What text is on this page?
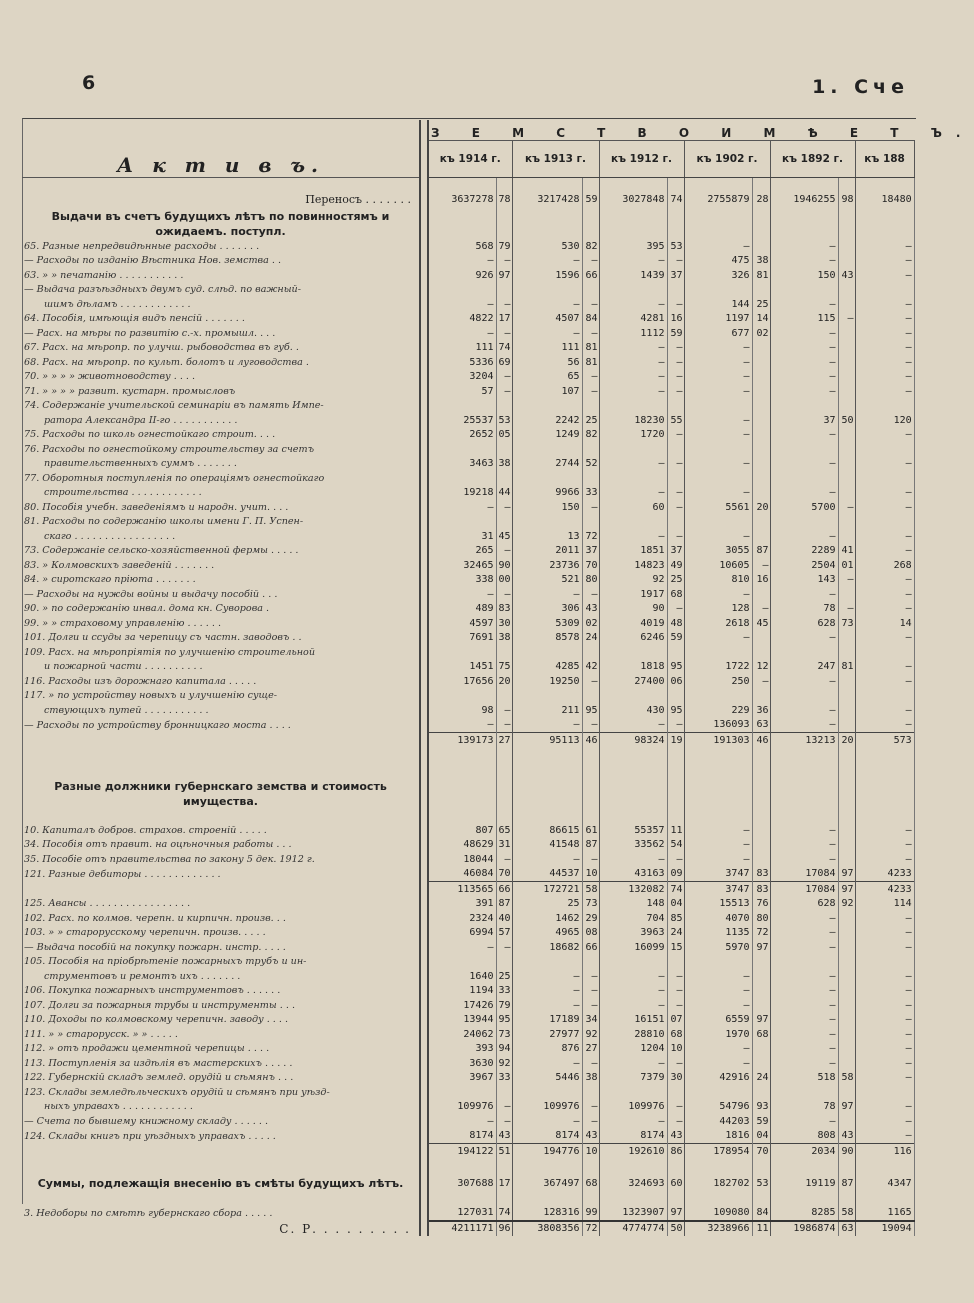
6	1. Сче
А к т и в ъ.		З Е М С Т В О И М Ѣ Е Т Ъ.										
		къ 1914 г.		къ 1913 г.		къ 1912 г.		къ 1902 г.		къ 1892 г.		къ 188

Переносъ . . . . . . .		3637278	78	3217428	59	3027848	74	2755879	28	1946255	98	18480
Выдачи въ счетъ будущихъ лѣтъ по повинностямъ и ожидаемъ. поступл.												
65. Разные непредвидѣнные расходы . . . . . . .		568	79	530	82	395	53	—		—		—
— Расходы по изданію Вѣстника Нов. земства . .		—	—	—	—	—	—	475	38	—		—
63. » » печатанію . . . . . . . . . . .		926	97	1596	66	1439	37	326	81	150	43	—
— Выдача разъѣздныхъ двумъ суд. слѣд. по важный-												
шимъ дѣламъ . . . . . . . . . . . .		—	—	—	—	—	—	144	25	—		—
64. Пособія, имѣющія видъ пенсій . . . . . . .		4822	17	4507	84	4281	16	1197	14	115	—	—
— Расх. на мѣры по развитію с.-х. промышл. . . .		—	—	—	—	1112	59	677	02	—		—
67. Расх. на мѣропр. по улучш. рыбоводства въ губ. .		111	74	111	81	—	—	—		—		—
68. Расх. на мѣропр. по культ. болотъ и луговодства .		5336	69	56	81	—	—	—		—		—
70. » » » » животноводству . . . .		3204	—	65	—	—	—	—		—		—
71. » » » » развит. кустарн. промысловъ		57	—	107	—	—	—	—		—		—
74. Содержаніе учительской семинаріи въ память Импе-												
ратора Александра II-го . . . . . . . . . . .		25537	53	2242	25	18230	55	—		37	50	120
75. Расходы по школь огнестойкаго строит. . . .		2652	05	1249	82	1720	—	—		—		—
76. Расходы по огнестойкому строительству за счетъ												
правительственныхъ суммъ . . . . . . .		3463	38	2744	52	—	—	—		—		—
77. Оборотныя поступленія по операціямъ огнестойкаго												
строительства . . . . . . . . . . . .		19218	44	9966	33	—	—	—		—		—
80. Пособія учебн. заведеніямъ и народн. учит. . . .		—	—	150	—	60	—	5561	20	5700	—	—
81. Расходы по содержанію школы имени Г. П. Успен-												
скаго . . . . . . . . . . . . . . . . .		31	45	13	72	—	—	—		—		—
73. Содержаніе сельско-хозяйственной фермы . . . . .		265	—	2011	37	1851	37	3055	87	2289	41	—
83. » Колмовскихъ заведеній . . . . . . .		32465	90	23736	70	14823	49	10605	—	2504	01	268
84. » сиротскаго пріюта . . . . . . .		338	00	521	80	92	25	810	16	143	—	—
— Расходы на нужды войны и выдачу пособій . . .		—	—	—	—	1917	68	—		—		—
90. » по содержанію инвал. дома кн. Суворова .		489	83	306	43	90	—	128	—	78	—	—
99. » » страховому управленію . . . . . .		4597	30	5309	02	4019	48	2618	45	628	73	14
101. Долги и ссуды за черепицу съ частн. заводовъ . .		7691	38	8578	24	6246	59	—		—		—
109. Расх. на мѣропріятія по улучшенію строительной												
и пожарной части . . . . . . . . . .		1451	75	4285	42	1818	95	1722	12	247	81	—
116. Расходы изъ дорожнаго капитала . . . . .		17656	20	19250	—	27400	06	250	—	—		—
117. » по устройству новыхъ и улучшенію суще-												
ствующихъ путей . . . . . . . . . . .		98	—	211	95	430	95	229	36	—		—
— Расходы по устройству бронницкаго моста . . . .		—	—	—	—	—	—	136093	63	—		—
		139173	27	95113	46	98324	19	191303	46	13213	20	573

Разные должники губернскаго земства и стоимость имущества.												

10. Капиталъ добров. страхов. строеній . . . . .		807	65	86615	61	55357	11	—		—		—
34. Пособія отъ правит. на оцѣночныя работы . . .		48629	31	41548	87	33562	54	—		—		—
35. Пособіе отъ правительства по закону 5 дек. 1912 г.		18044	—	—	—	—	—	—		—		—
121. Разные дебиторы . . . . . . . . . . . . .		46084	70	44537	10	43163	09	3747	83	17084	97	4233
		113565	66	172721	58	132082	74	3747	83	17084	97	4233
125. Авансы . . . . . . . . . . . . . . . . .		391	87	25	73	148	04	15513	76	628	92	114
102. Расх. по колмов. черепн. и кирпичн. произв. . .		2324	40	1462	29	704	85	4070	80	—		—
103. » » старорусскому черепичн. произв. . . . .		6994	57	4965	08	3963	24	1135	72	—		—
— Выдача пособій на покупку пожарн. инстр. . . . .		—	—	18682	66	16099	15	5970	97	—		—
105. Пособія на пріобрѣтеніе пожарныхъ трубъ и ин-												
струментовъ и ремонтъ ихъ . . . . . . .		1640	25	—	—	—	—	—		—		—
106. Покупка пожарныхъ инструментовъ . . . . . .		1194	33	—	—	—	—	—		—		—
107. Долги за пожарныя трубы и инструменты . . .		17426	79	—	—	—	—	—		—		—
110. Доходы по колмовскому черепичн. заводу . . . .		13944	95	17189	34	16151	07	6559	97	—		—
111. » » старорусск. » » . . . . .		24062	73	27977	92	28810	68	1970	68	—		—
112. » отъ продажи цементной черепицы . . . .		393	94	876	27	1204	10	—		—		—
113. Поступленія за издѣлія въ мастерскихъ . . . . .		3630	92	—	—	—	—	—		—		—
122. Губернскій складъ землед. орудій и сѣмянъ . . .		3967	33	5446	38	7379	30	42916	24	518	58	—
123. Склады земледѣльческихъ орудій и сѣмянъ при уѣзд-												
ныхъ управахъ . . . . . . . . . . . .		109976	—	109976	—	109976	—	54796	93	78	97	—
— Счета по бывшему книжному складу . . . . . .		—	—	—	—	—	—	44203	59	—		—
124. Склады книгъ при уѣздныхъ управахъ . . . . .		8174	43	8174	43	8174	43	1816	04	808	43	—
		194122	51	194776	10	192610	86	178954	70	2034	90	116
Суммы, подлежащія внесенію въ смѣты будущихъ лѣтъ.		307688	17	367497	68	324693	60	182702	53	19119	87	4347

3. Недоборы по смѣтѣ губернскаго сбора . . . . .		127031	74	128316	99	1323907	97	109080	84	8285	58	1165
С. Р. . . . . . . . .		4211171	96	3808356	72	4774774	50	3238966	11	1986874	63	19094
